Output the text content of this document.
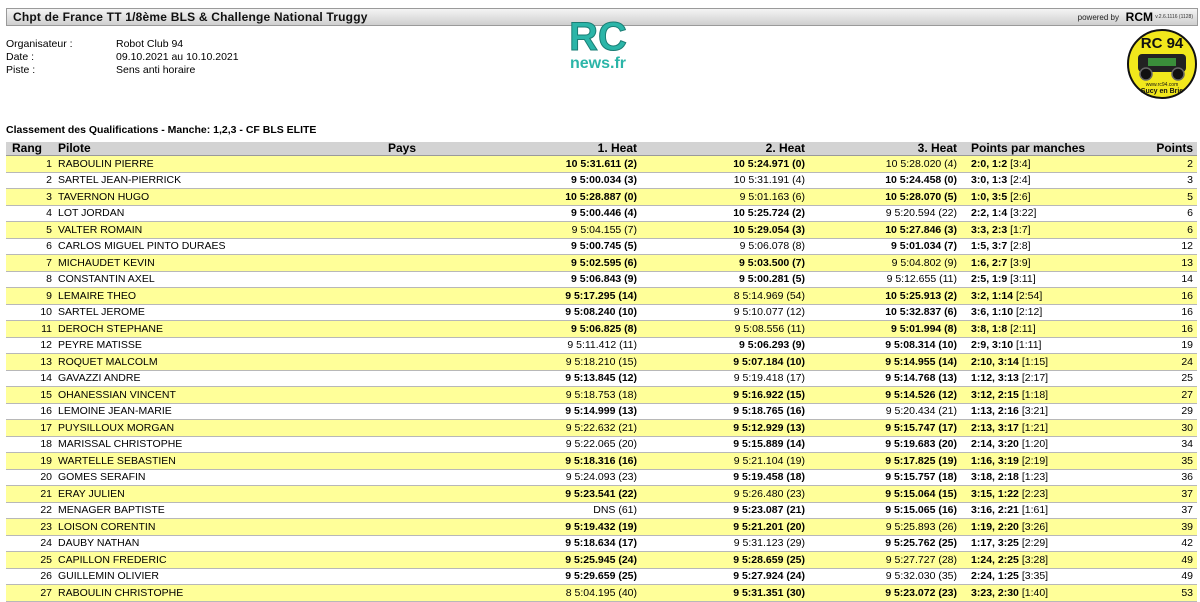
Chpt de France TT 1/8ème BLS & Challenge National Truggy	powered by RCM v.2.6.1116 (1128)
Organisateur :	Robot Club 94
Date :	09.10.2021 au 10.10.2021
Piste :	Sens anti horaire
RC
news.fr
RC 94
www.rc94.com
Sucy en Brie
Classement des Qualifications - Manche: 1,2,3 - CF BLS ELITE
Rang	Pilote	Pays	1. Heat	2. Heat	3. Heat	Points par manches	Points
1	RABOULIN PIERRE		10 5:31.611 (2)	10 5:24.971 (0)	10 5:28.020 (4)	2:0, 1:2 [3:4]	2
2	SARTEL JEAN-PIERRICK		9 5:00.034 (3)	10 5:31.191 (4)	10 5:24.458 (0)	3:0, 1:3 [2:4]	3
3	TAVERNON HUGO		10 5:28.887 (0)	9 5:01.163 (6)	10 5:28.070 (5)	1:0, 3:5 [2:6]	5
4	LOT JORDAN		9 5:00.446 (4)	10 5:25.724 (2)	9 5:20.594 (22)	2:2, 1:4 [3:22]	6
5	VALTER ROMAIN		9 5:04.155 (7)	10 5:29.054 (3)	10 5:27.846 (3)	3:3, 2:3 [1:7]	6
6	CARLOS MIGUEL PINTO DURAES		9 5:00.745 (5)	9 5:06.078 (8)	9 5:01.034 (7)	1:5, 3:7 [2:8]	12
7	MICHAUDET KEVIN		9 5:02.595 (6)	9 5:03.500 (7)	9 5:04.802 (9)	1:6, 2:7 [3:9]	13
8	CONSTANTIN AXEL		9 5:06.843 (9)	9 5:00.281 (5)	9 5:12.655 (11)	2:5, 1:9 [3:11]	14
9	LEMAIRE THEO		9 5:17.295 (14)	8 5:14.969 (54)	10 5:25.913 (2)	3:2, 1:14 [2:54]	16
10	SARTEL JEROME		9 5:08.240 (10)	9 5:10.077 (12)	10 5:32.837 (6)	3:6, 1:10 [2:12]	16
11	DEROCH STEPHANE		9 5:06.825 (8)	9 5:08.556 (11)	9 5:01.994 (8)	3:8, 1:8 [2:11]	16
12	PEYRE MATISSE		9 5:11.412 (11)	9 5:06.293 (9)	9 5:08.314 (10)	2:9, 3:10 [1:11]	19
13	ROQUET MALCOLM		9 5:18.210 (15)	9 5:07.184 (10)	9 5:14.955 (14)	2:10, 3:14 [1:15]	24
14	GAVAZZI ANDRE		9 5:13.845 (12)	9 5:19.418 (17)	9 5:14.768 (13)	1:12, 3:13 [2:17]	25
15	OHANESSIAN VINCENT		9 5:18.753 (18)	9 5:16.922 (15)	9 5:14.526 (12)	3:12, 2:15 [1:18]	27
16	LEMOINE JEAN-MARIE		9 5:14.999 (13)	9 5:18.765 (16)	9 5:20.434 (21)	1:13, 2:16 [3:21]	29
17	PUYSILLOUX MORGAN		9 5:22.632 (21)	9 5:12.929 (13)	9 5:15.747 (17)	2:13, 3:17 [1:21]	30
18	MARISSAL CHRISTOPHE		9 5:22.065 (20)	9 5:15.889 (14)	9 5:19.683 (20)	2:14, 3:20 [1:20]	34
19	WARTELLE SEBASTIEN		9 5:18.316 (16)	9 5:21.104 (19)	9 5:17.825 (19)	1:16, 3:19 [2:19]	35
20	GOMES SERAFIN		9 5:24.093 (23)	9 5:19.458 (18)	9 5:15.757 (18)	3:18, 2:18 [1:23]	36
21	ERAY JULIEN		9 5:23.541 (22)	9 5:26.480 (23)	9 5:15.064 (15)	3:15, 1:22 [2:23]	37
22	MENAGER BAPTISTE		DNS (61)	9 5:23.087 (21)	9 5:15.065 (16)	3:16, 2:21 [1:61]	37
23	LOISON CORENTIN		9 5:19.432 (19)	9 5:21.201 (20)	9 5:25.893 (26)	1:19, 2:20 [3:26]	39
24	DAUBY NATHAN		9 5:18.634 (17)	9 5:31.123 (29)	9 5:25.762 (25)	1:17, 3:25 [2:29]	42
25	CAPILLON FREDERIC		9 5:25.945 (24)	9 5:28.659 (25)	9 5:27.727 (28)	1:24, 2:25 [3:28]	49
26	GUILLEMIN OLIVIER		9 5:29.659 (25)	9 5:27.924 (24)	9 5:32.030 (35)	2:24, 1:25 [3:35]	49
27	RABOULIN CHRISTOPHE		8 5:04.195 (40)	9 5:31.351 (30)	9 5:23.072 (23)	3:23, 2:30 [1:40]	53
